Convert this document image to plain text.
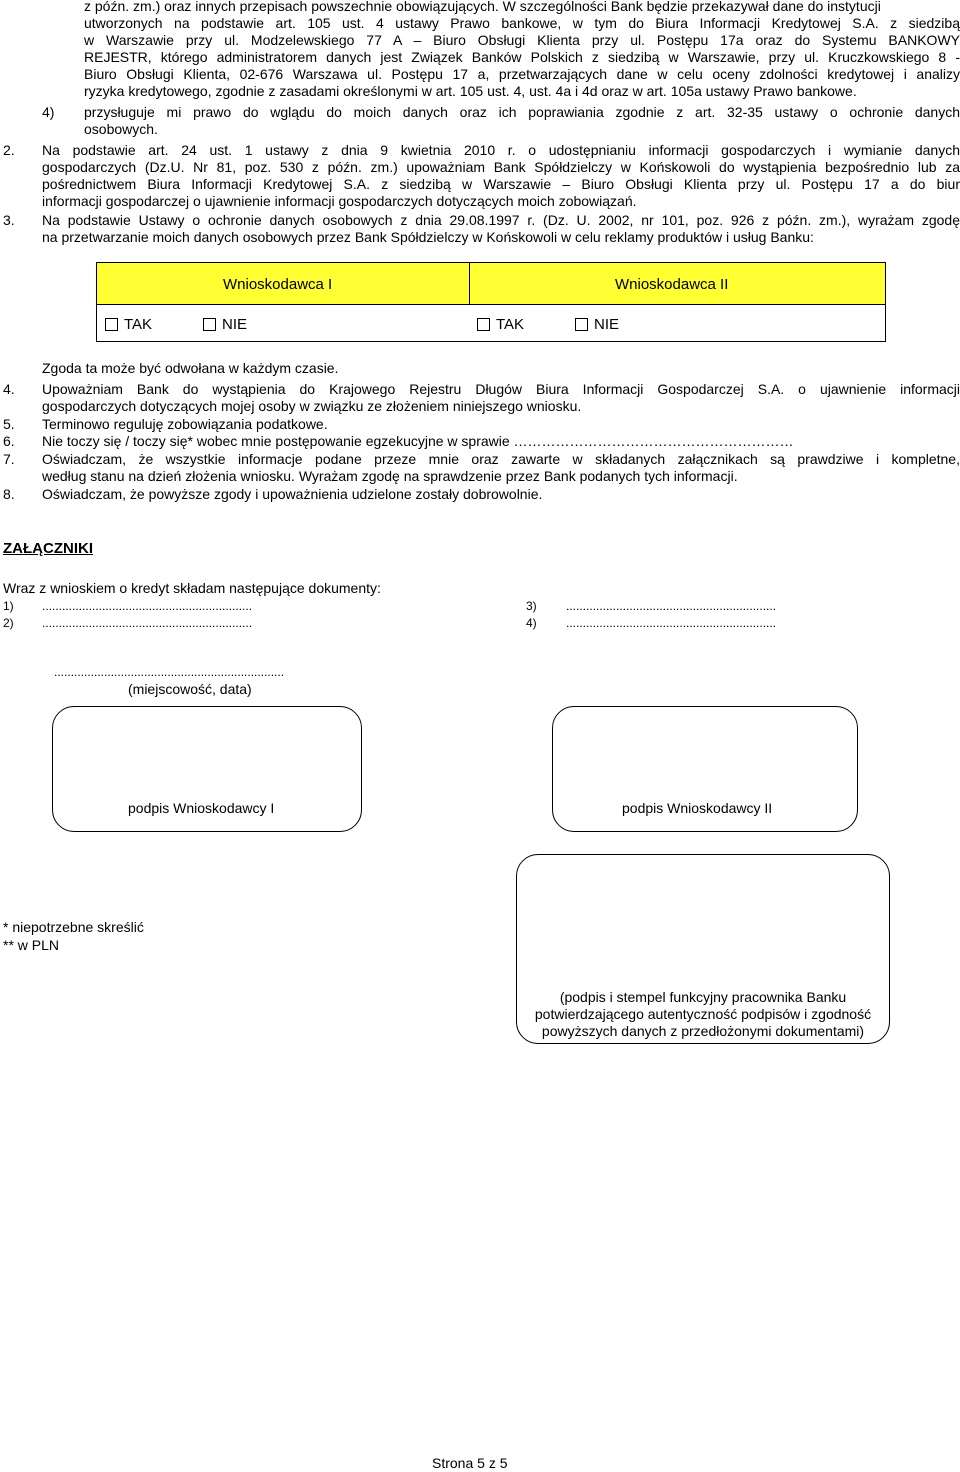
z późn. zm.) oraz innych przepisach powszechnie obowiązujących. W szczególności Bank będzie przekazywał dane do instytucji
utworzonych na podstawie art. 105 ust. 4 ustawy Prawo bankowe, w tym do Biura Informacji Kredytowej S.A. z siedzibą
w Warszawie przy ul. Modzelewskiego 77 A – Biuro Obsługi Klienta przy ul. Postępu 17a oraz do Systemu BANKOWY
REJESTR, którego administratorem danych jest Związek Banków Polskich z siedzibą w Warszawie, przy ul. Kruczkowskiego 8 -
Biuro Obsługi Klienta, 02-676 Warszawa ul. Postępu 17 a, przetwarzających dane w celu oceny zdolności kredytowej i analizy
ryzyka kredytowego, zgodnie z zasadami określonymi w art. 105 ust. 4, ust. 4a i 4d oraz w art. 105a ustawy Prawo bankowe.
4) przysługuje mi prawo do wglądu do moich danych oraz ich poprawiania zgodnie z art. 32-35 ustawy o ochronie danych
osobowych.
2. Na podstawie art. 24 ust. 1 ustawy z dnia 9 kwietnia 2010 r. o udostępnianiu informacji gospodarczych i wymianie danych
gospodarczych (Dz.U. Nr 81, poz. 530 z późn. zm.) upoważniam Bank Spółdzielczy w Końskowoli do wystąpienia bezpośrednio lub za
pośrednictwem Biura Informacji Kredytowej S.A. z siedzibą w Warszawie – Biuro Obsługi Klienta przy ul. Postępu 17 a do biur
informacji gospodarczej o ujawnienie informacji gospodarczych dotyczących moich zobowiązań.
3. Na podstawie Ustawy o ochronie danych osobowych z dnia 29.08.1997 r. (Dz. U. 2002, nr 101, poz. 926 z późn. zm.), wyrażam zgodę
na przetwarzanie moich danych osobowych przez Bank Spółdzielczy w Końskowoli w celu reklamy produktów i usług Banku:
Wnioskodawca I	Wnioskodawca II
TAK	NIE	TAK	NIE
Zgoda ta może być odwołana w każdym czasie.
4. Upoważniam Bank do wystąpienia do Krajowego Rejestru Długów Biura Informacji Gospodarczej S.A. o ujawnienie informacji
gospodarczych dotyczących mojej osoby w związku ze złożeniem niniejszego wniosku.
5. Terminowo reguluję zobowiązania podatkowe.
6. Nie toczy się / toczy się* wobec mnie postępowanie egzekucyjne w sprawie ……………………………………………………
7. Oświadczam, że wszystkie informacje podane przeze mnie oraz zawarte w składanych załącznikach są prawdziwe i kompletne,
według stanu na dzień złożenia wniosku. Wyrażam zgodę na sprawdzenie przez Bank podanych tych informacji.
8. Oświadczam, że powyższe zgody i upoważnienia udzielone zostały dobrowolnie.
ZAŁĄCZNIKI
Wraz z wnioskiem o kredyt składam następujące dokumenty:
1) ...............................................................
2) ...............................................................
3) ...............................................................
4) ...............................................................
.....................................................................
(miejscowość, data)
podpis Wnioskodawcy I	podpis Wnioskodawcy II
* niepotrzebne skreślić
** w PLN
(podpis i stempel funkcyjny pracownika Banku
potwierdzającego autentyczność podpisów i zgodność
powyższych danych z przedłożonymi dokumentami)
Strona 5 z 5
